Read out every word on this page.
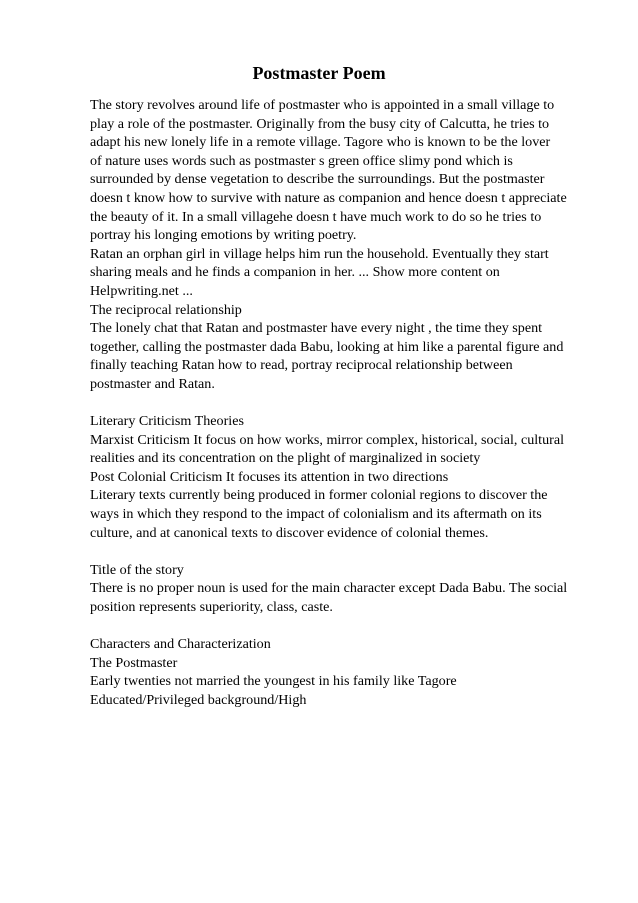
Postmaster Poem

The story revolves around life of postmaster who is appointed in a small village to
play a role of the postmaster. Originally from the busy city of Calcutta, he tries to
adapt his new lonely life in a remote village. Tagore who is known to be the lover
of nature uses words such as postmaster s green office slimy pond which is
surrounded by dense vegetation to describe the surroundings. But the postmaster
doesn t know how to survive with nature as companion and hence doesn t appreciate
the beauty of it. In a small villagehe doesn t have much work to do so he tries to
portray his longing emotions by writing poetry.
Ratan an orphan girl in village helps him run the household. Eventually they start
sharing meals and he finds a companion in her. ... Show more content on
Helpwriting.net ...
The reciprocal relationship
The lonely chat that Ratan and postmaster have every night , the time they spent
together, calling the postmaster dada Babu, looking at him like a parental figure and
finally teaching Ratan how to read, portray reciprocal relationship between
postmaster and Ratan.

Literary Criticism Theories
Marxist Criticism It focus on how works, mirror complex, historical, social, cultural
realities and its concentration on the plight of marginalized in society
Post Colonial Criticism It focuses its attention in two directions
Literary texts currently being produced in former colonial regions to discover the
ways in which they respond to the impact of colonialism and its aftermath on its
culture, and at canonical texts to discover evidence of colonial themes.

Title of the story
There is no proper noun is used for the main character except Dada Babu. The social
position represents superiority, class, caste.

Characters and Characterization
The Postmaster
Early twenties not married the youngest in his family like Tagore
Educated/Privileged background/High
